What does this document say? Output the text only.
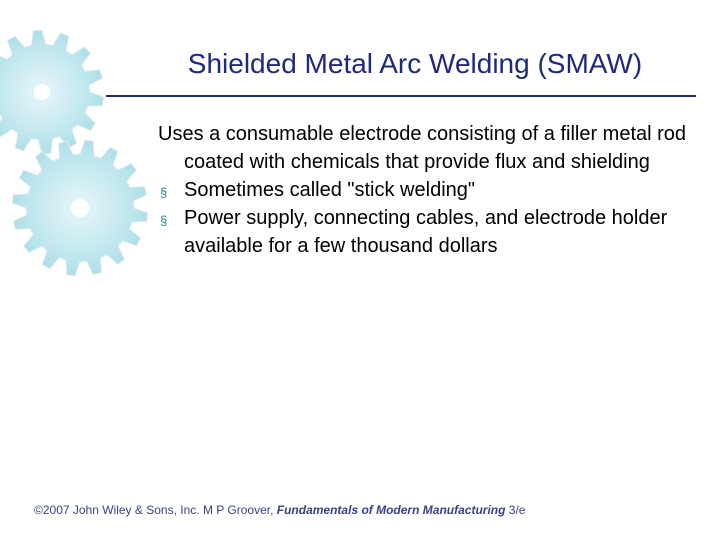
Shielded Metal Arc Welding (SMAW)

Uses a consumable electrode consisting of a filler metal rod coated with chemicals that provide flux and shielding

§ Sometimes called "stick welding"
§ Power supply, connecting cables, and electrode holder available for a few thousand dollars
©2007 John Wiley & Sons, Inc. M P Groover, Fundamentals of Modern Manufacturing 3/e
